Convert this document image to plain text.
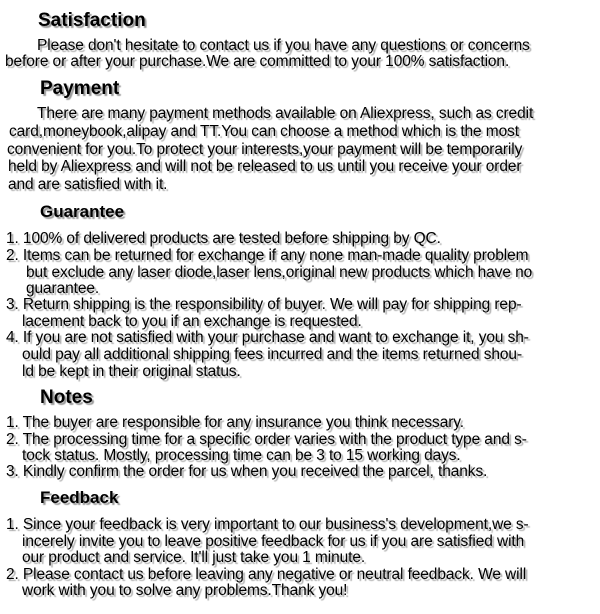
Satisfaction
Please don't hesitate to contact us if you have any questions or concerns
before or after your purchase.We are committed to your 100% satisfaction.
Payment
There are many payment methods available on Aliexpress, such as credit
card,moneybook,alipay and TT.You can choose a method which is the most
convenient for you.To protect your interests,your payment will be temporarily
held by Aliexpress and will not be released to us until you receive your order
and are satisfied with it.
Guarantee
1. 100% of delivered products are tested before shipping by QC.
2. Items can be returned for exchange if any none man-made quality problem
but exclude any laser diode,laser lens,original new products which have no
guarantee.
3. Return shipping is the responsibility of buyer. We will pay for shipping rep-
lacement back to you if an exchange is requested.
4. If you are not satisfied with your purchase and want to exchange it, you sh-
ould pay all additional shipping fees incurred and the items returned shou-
ld be kept in their original status.
Notes
1. The buyer are responsible for any insurance you think necessary.
2. The processing time for a specific order varies with the product type and s-
tock status. Mostly, processing time can be 3 to 15 working days.
3. Kindly confirm the order for us when you received the parcel, thanks.
Feedback
1. Since your feedback is very important to our business's development,we s-
incerely invite you to leave positive feedback for us if you are satisfied with
our product and service. It'll just take you 1 minute.
2. Please contact us before leaving any negative or neutral feedback. We will
work with you to solve any problems.Thank you!
